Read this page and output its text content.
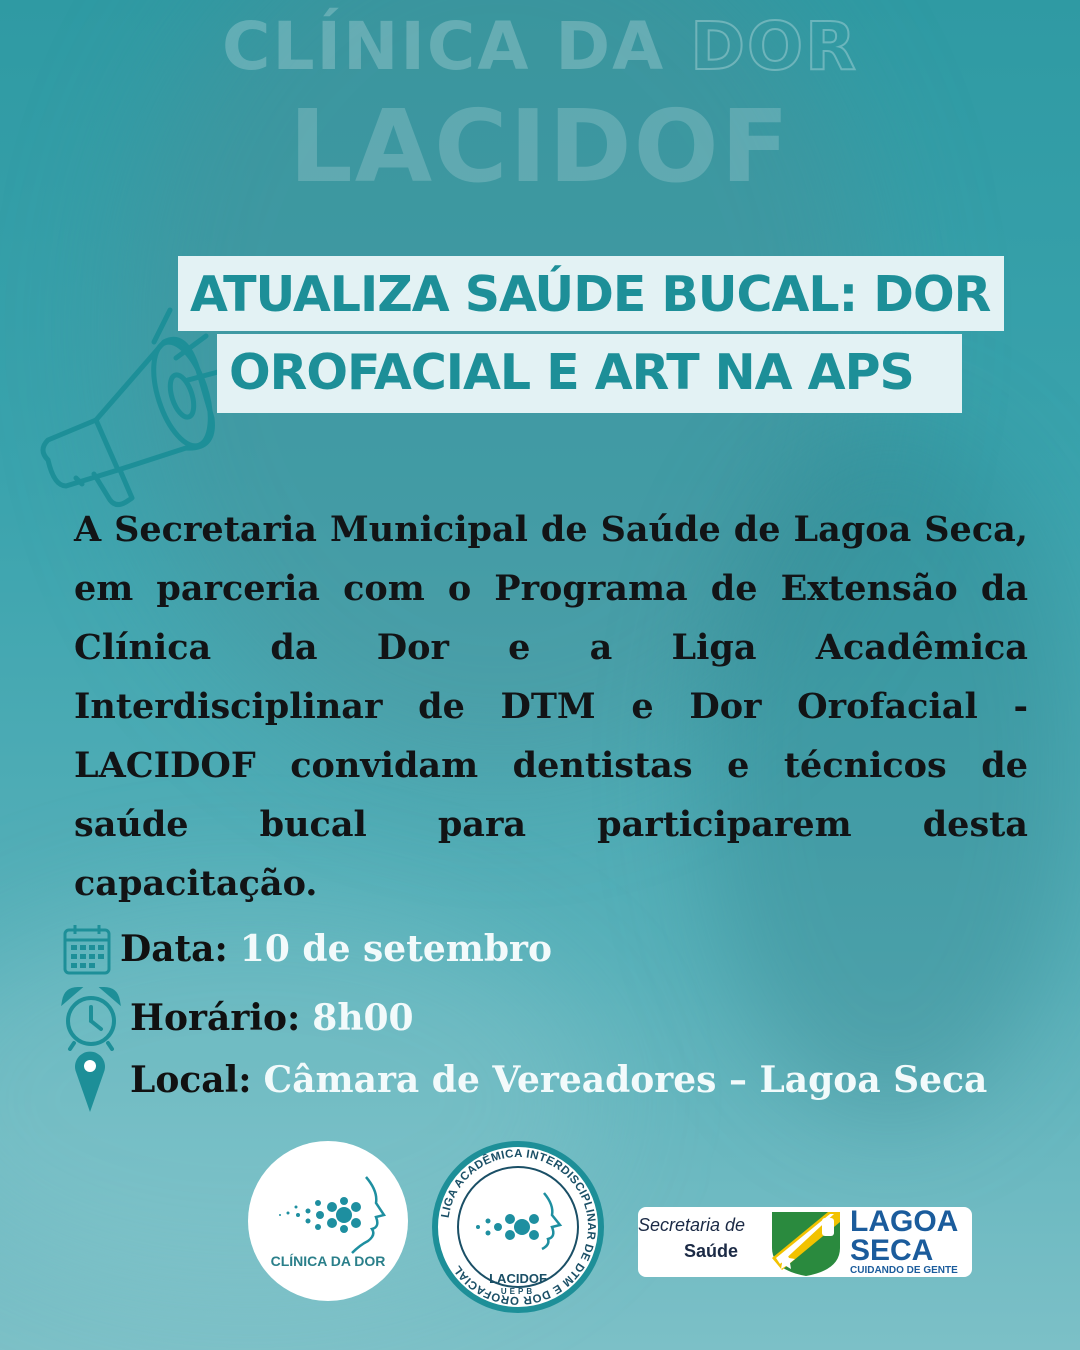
CLÍNICA DA DOR
LACIDOF
ATUALIZA SAÚDE BUCAL: DOR
OROFACIAL E ART NA APS
A Secretaria Municipal de Saúde de Lagoa Seca, em parceria com o Programa de Extensão da Clínica da Dor e a Liga Acadêmica Interdisciplinar de DTM e Dor Orofacial - LACIDOF convidam dentistas e técnicos de saúde bucal para participarem desta capacitação.
Data: 10 de setembro
Horário: 8h00
Local: Câmara de Vereadores – Lagoa Seca
CLÍNICA DA DOR
LIGA ACADÊMICA INTERDISCIPLINAR DE DTM E DOR OROFACIAL
LACIDOF
UEPB
Secretaria de
Saúde
LAGOA
SECA
CUIDANDO DE GENTE
